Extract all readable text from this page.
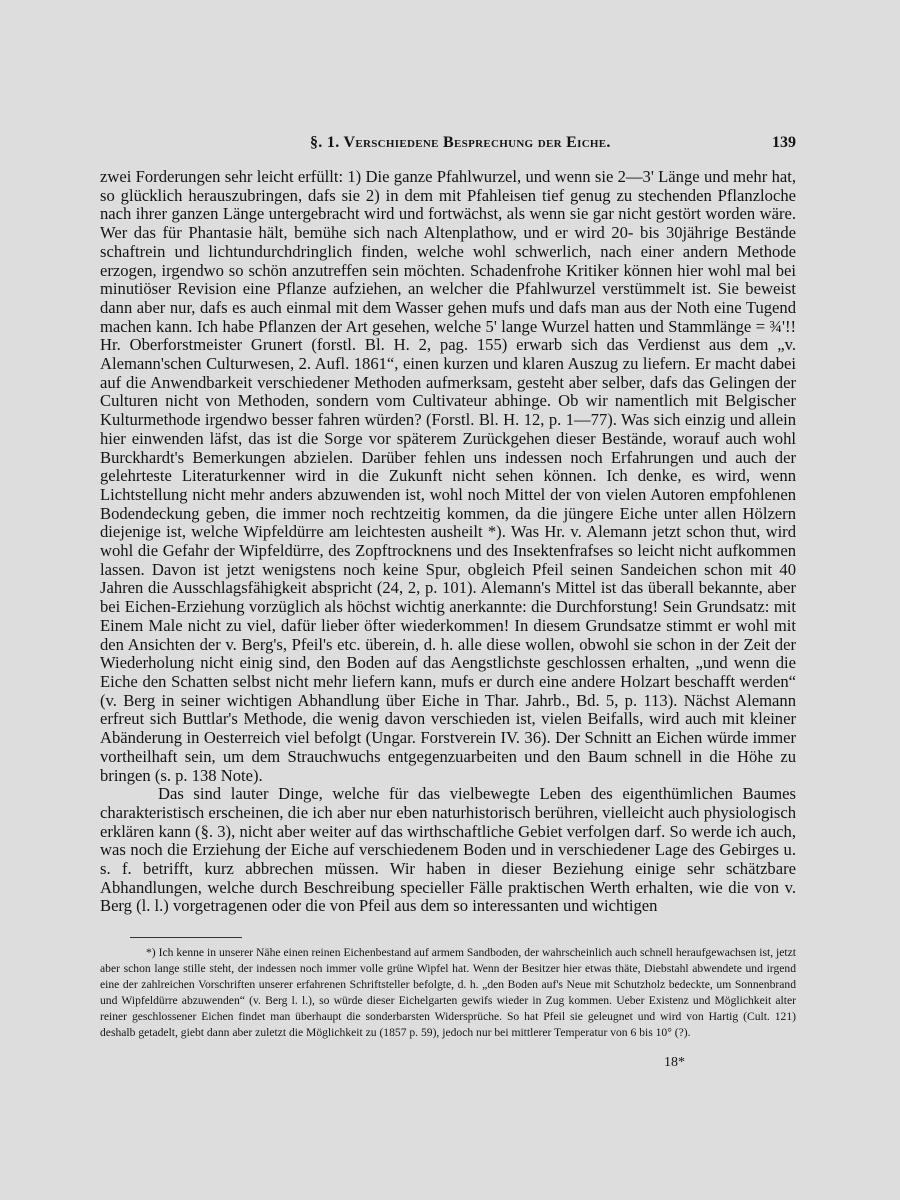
§. 1. Verschiedene Besprechung der Eiche.	139

zwei Forderungen sehr leicht erfüllt: 1) Die ganze Pfahlwurzel, und wenn sie 2—3' Länge und mehr hat, so glücklich herauszubringen, dafs sie 2) in dem mit Pfahleisen tief genug zu stechenden Pflanzloche nach ihrer ganzen Länge untergebracht wird und fortwächst, als wenn sie gar nicht gestört worden wäre. Wer das für Phantasie hält, bemühe sich nach Altenplathow, und er wird 20- bis 30jährige Bestände schaftrein und lichtundurchdringlich finden, welche wohl schwerlich, nach einer andern Methode erzogen, irgendwo so schön anzutreffen sein möchten. Schadenfrohe Kritiker können hier wohl mal bei minutiöser Revision eine Pflanze aufziehen, an welcher die Pfahlwurzel verstümmelt ist. Sie beweist dann aber nur, dafs es auch einmal mit dem Wasser gehen mufs und dafs man aus der Noth eine Tugend machen kann. Ich habe Pflanzen der Art gesehen, welche 5' lange Wurzel hatten und Stammlänge = ¾'!! Hr. Oberforstmeister Grunert (forstl. Bl. H. 2, pag. 155) erwarb sich das Verdienst aus dem „v. Alemann'schen Culturwesen, 2. Aufl. 1861“, einen kurzen und klaren Auszug zu liefern. Er macht dabei auf die Anwendbarkeit verschiedener Methoden aufmerksam, gesteht aber selber, dafs das Gelingen der Culturen nicht von Methoden, sondern vom Cultivateur abhinge. Ob wir namentlich mit Belgischer Kulturmethode irgendwo besser fahren würden? (Forstl. Bl. H. 12, p. 1—77). Was sich einzig und allein hier einwenden läfst, das ist die Sorge vor späterem Zurückgehen dieser Bestände, worauf auch wohl Burckhardt's Bemerkungen abzielen. Darüber fehlen uns indessen noch Erfahrungen und auch der gelehrteste Literaturkenner wird in die Zukunft nicht sehen können. Ich denke, es wird, wenn Lichtstellung nicht mehr anders abzuwenden ist, wohl noch Mittel der von vielen Autoren empfohlenen Bodendeckung geben, die immer noch rechtzeitig kommen, da die jüngere Eiche unter allen Hölzern diejenige ist, welche Wipfeldürre am leichtesten ausheilt *). Was Hr. v. Alemann jetzt schon thut, wird wohl die Gefahr der Wipfeldürre, des Zopftrocknens und des Insektenfrafses so leicht nicht aufkommen lassen. Davon ist jetzt wenigstens noch keine Spur, obgleich Pfeil seinen Sandeichen schon mit 40 Jahren die Ausschlagsfähigkeit abspricht (24, 2, p. 101). Alemann's Mittel ist das überall bekannte, aber bei Eichen-Erziehung vorzüglich als höchst wichtig anerkannte: die Durchforstung! Sein Grundsatz: mit Einem Male nicht zu viel, dafür lieber öfter wiederkommen! In diesem Grundsatze stimmt er wohl mit den Ansichten der v. Berg's, Pfeil's etc. überein, d. h. alle diese wollen, obwohl sie schon in der Zeit der Wiederholung nicht einig sind, den Boden auf das Aengstlichste geschlossen erhalten, „und wenn die Eiche den Schatten selbst nicht mehr liefern kann, mufs er durch eine andere Holzart beschafft werden“ (v. Berg in seiner wichtigen Abhandlung über Eiche in Thar. Jahrb., Bd. 5, p. 113). Nächst Alemann erfreut sich Buttlar's Methode, die wenig davon verschieden ist, vielen Beifalls, wird auch mit kleiner Abänderung in Oesterreich viel befolgt (Ungar. Forstverein IV. 36). Der Schnitt an Eichen würde immer vortheilhaft sein, um dem Strauchwuchs entgegenzuarbeiten und den Baum schnell in die Höhe zu bringen (s. p. 138 Note).

Das sind lauter Dinge, welche für das vielbewegte Leben des eigenthümlichen Baumes charakteristisch erscheinen, die ich aber nur eben naturhistorisch berühren, vielleicht auch physiologisch erklären kann (§. 3), nicht aber weiter auf das wirthschaftliche Gebiet verfolgen darf. So werde ich auch, was noch die Erziehung der Eiche auf verschiedenem Boden und in verschiedener Lage des Gebirges u. s. f. betrifft, kurz abbrechen müssen. Wir haben in dieser Beziehung einige sehr schätzbare Abhandlungen, welche durch Beschreibung specieller Fälle praktischen Werth erhalten, wie die von v. Berg (l. l.) vorgetragenen oder die von Pfeil aus dem so interessanten und wichtigen

*) Ich kenne in unserer Nähe einen reinen Eichenbestand auf armem Sandboden, der wahrscheinlich auch schnell heraufgewachsen ist, jetzt aber schon lange stille steht, der indessen noch immer volle grüne Wipfel hat. Wenn der Besitzer hier etwas thäte, Diebstahl abwendete und irgend eine der zahlreichen Vorschriften unserer erfahrenen Schriftsteller befolgte, d. h. „den Boden auf's Neue mit Schutzholz bedeckte, um Sonnenbrand und Wipfeldürre abzuwenden“ (v. Berg l. l.), so würde dieser Eichelgarten gewifs wieder in Zug kommen. Ueber Existenz und Möglichkeit alter reiner geschlossener Eichen findet man überhaupt die sonderbarsten Widersprüche. So hat Pfeil sie geleugnet und wird von Hartig (Cult. 121) deshalb getadelt, giebt dann aber zuletzt die Möglichkeit zu (1857 p. 59), jedoch nur bei mittlerer Temperatur von 6 bis 10° (?).

18*
